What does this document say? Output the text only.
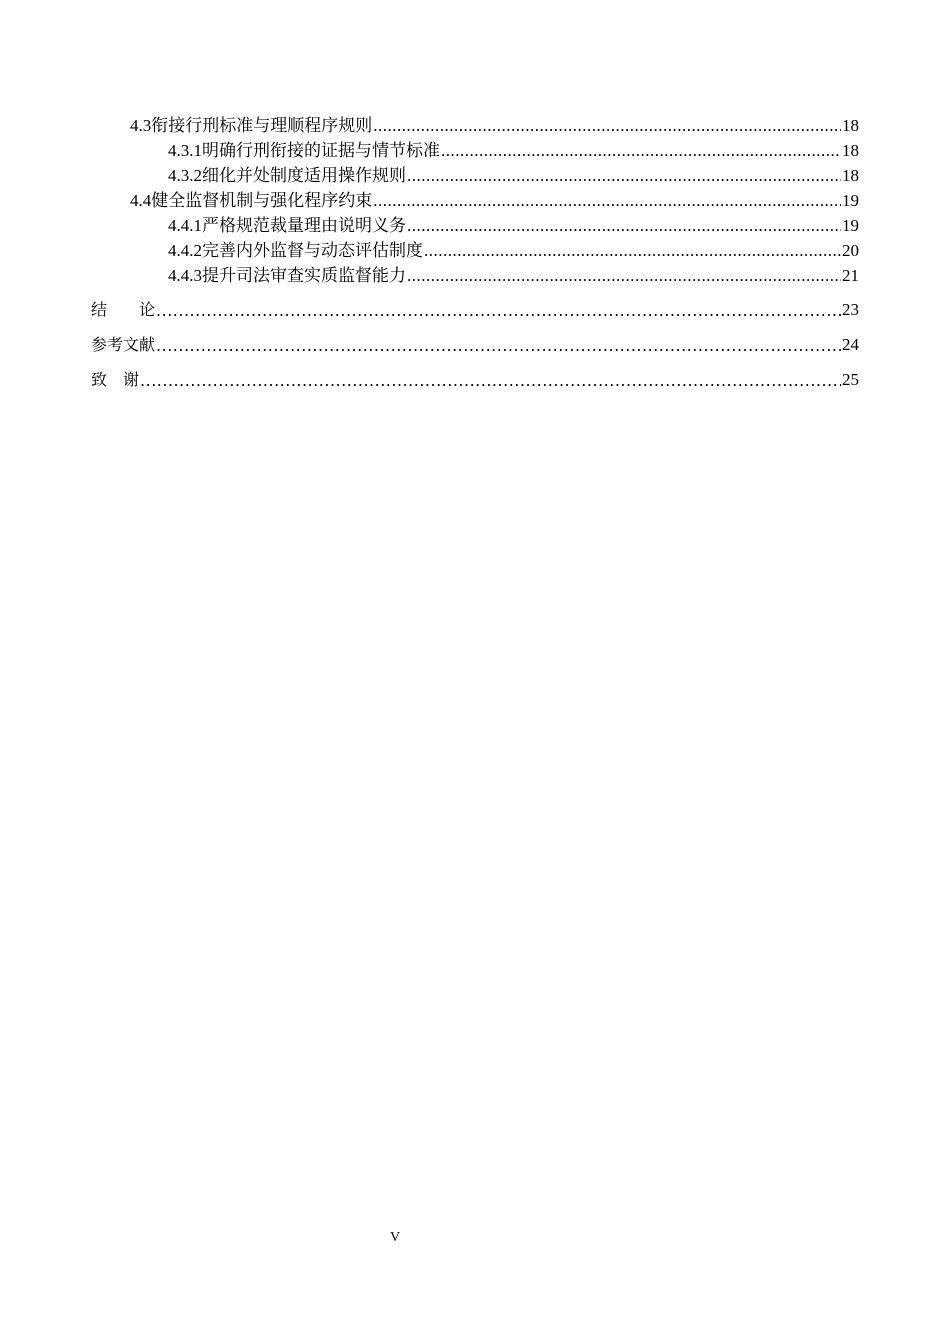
4.3 衔接行刑标准与理顺程序规则 .....	18
4.3.1 明确行刑衔接的证据与情节标准 .....	18
4.3.2 细化并处制度适用操作规则 .....	18
4.4 健全监督机制与强化程序约束 .....	19
4.4.1 严格规范裁量理由说明义务 .....	19
4.4.2 完善内外监督与动态评估制度 .....	20
4.4.3 提升司法审查实质监督能力 .....	21
结　　论 .....	23
参考文献 .....	24
致　谢 .....	25
V
